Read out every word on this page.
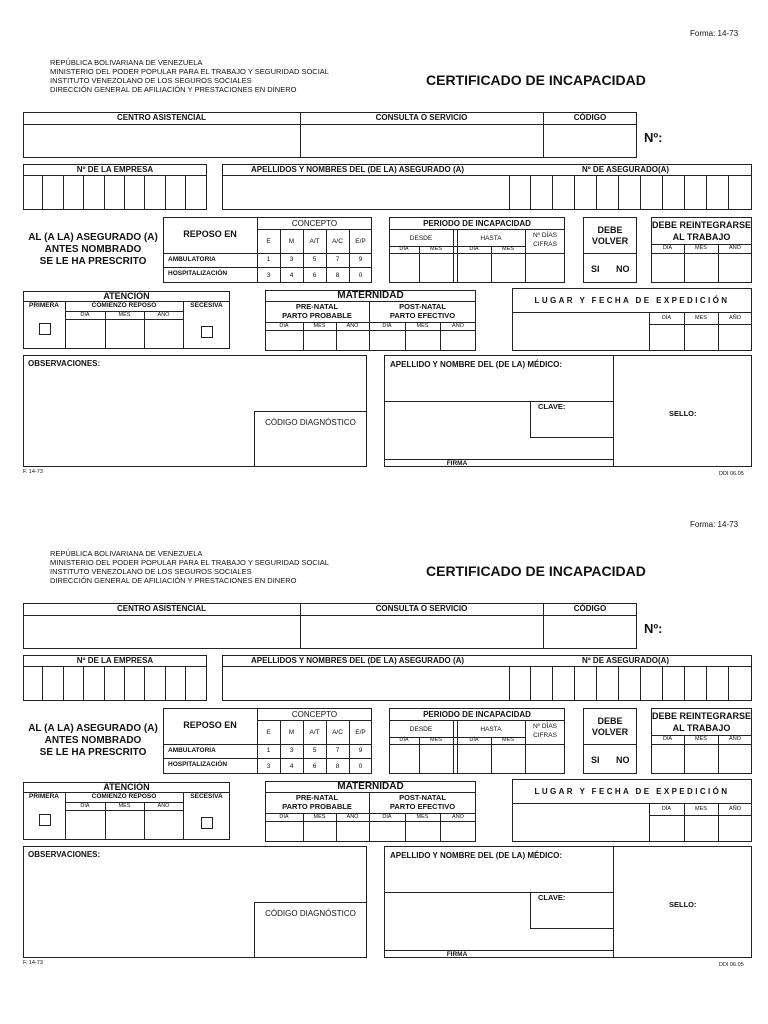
Forma: 14-73
REPÚBLICA BOLIVARIANA DE VENEZUELA
MINISTERIO DEL PODER POPULAR PARA EL TRABAJO Y SEGURIDAD SOCIAL
INSTITUTO VENEZOLANO DE LOS SEGUROS SOCIALES
DIRECCIÓN GENERAL DE AFILIACIÓN Y PRESTACIONES EN DINERO
CERTIFICADO DE INCAPACIDAD
CENTRO ASISTENCIAL	CONSULTA O SERVICIO	CÓDIGO
Nº:
Nº DE LA EMPRESA	APELLIDOS Y NOMBRES DEL (DE LA) ASEGURADO (A)	Nº DE ASEGURADO(A)
AL (A LA) ASEGURADO (A)
ANTES NOMBRADO
SE LE HA PRESCRITO
REPOSO EN
CONCEPTO
E	M	A/T	A/C	E/P
AMBULATORIA	1	3	5	7	9
HOSPITALIZACIÓN	3	4	6	8	0
PERIODO DE INCAPACIDAD
DESDE	HASTA	Nº DÍAS
CIFRAS
DÍA	MES	DÍA	MES
DEBE
VOLVER
SI NO
DEBE REINTEGRARSE
AL TRABAJO
DÍA	MES	AÑO
ATENCIÓN
PRIMERA	COMIENZO REPOSO	SECESIVA
DÍA	MES	AÑO
MATERNIDAD
PRE-NATAL
PARTO PROBABLE
POST-NATAL
PARTO EFECTIVO
DÍA	MES	AÑO	DÍA	MES	AÑO
LUGAR Y FECHA DE EXPEDICIÓN
DÍA	MES	AÑO
OBSERVACIONES:
CÓDIGO DIAGNÓSTICO
APELLIDO Y NOMBRE DEL (DE LA) MÉDICO:
CLAVE:
SELLO:
FIRMA
F. 14-73	DDI 06.05
Forma: 14-73
REPÚBLICA BOLIVARIANA DE VENEZUELA
MINISTERIO DEL PODER POPULAR PARA EL TRABAJO Y SEGURIDAD SOCIAL
INSTITUTO VENEZOLANO DE LOS SEGUROS SOCIALES
DIRECCIÓN GENERAL DE AFILIACIÓN Y PRESTACIONES EN DINERO
CERTIFICADO DE INCAPACIDAD
CENTRO ASISTENCIAL	CONSULTA O SERVICIO	CÓDIGO
Nº:
Nº DE LA EMPRESA	APELLIDOS Y NOMBRES DEL (DE LA) ASEGURADO (A)	Nº DE ASEGURADO(A)
AL (A LA) ASEGURADO (A)
ANTES NOMBRADO
SE LE HA PRESCRITO
REPOSO EN
CONCEPTO
E	M	A/T	A/C	E/P
AMBULATORIA	1	3	5	7	9
HOSPITALIZACIÓN	3	4	6	8	0
PERIODO DE INCAPACIDAD
DESDE	HASTA	Nº DÍAS
CIFRAS
DÍA	MES	DÍA	MES
DEBE
VOLVER
SI NO
DEBE REINTEGRARSE
AL TRABAJO
DÍA	MES	AÑO
ATENCIÓN
PRIMERA	COMIENZO REPOSO	SECESIVA
DÍA	MES	AÑO
MATERNIDAD
PRE-NATAL
PARTO PROBABLE
POST-NATAL
PARTO EFECTIVO
DÍA	MES	AÑO	DÍA	MES	AÑO
LUGAR Y FECHA DE EXPEDICIÓN
DÍA	MES	AÑO
OBSERVACIONES:
CÓDIGO DIAGNÓSTICO
APELLIDO Y NOMBRE DEL (DE LA) MÉDICO:
CLAVE:
SELLO:
FIRMA
F. 14-73	DDI 06.05
